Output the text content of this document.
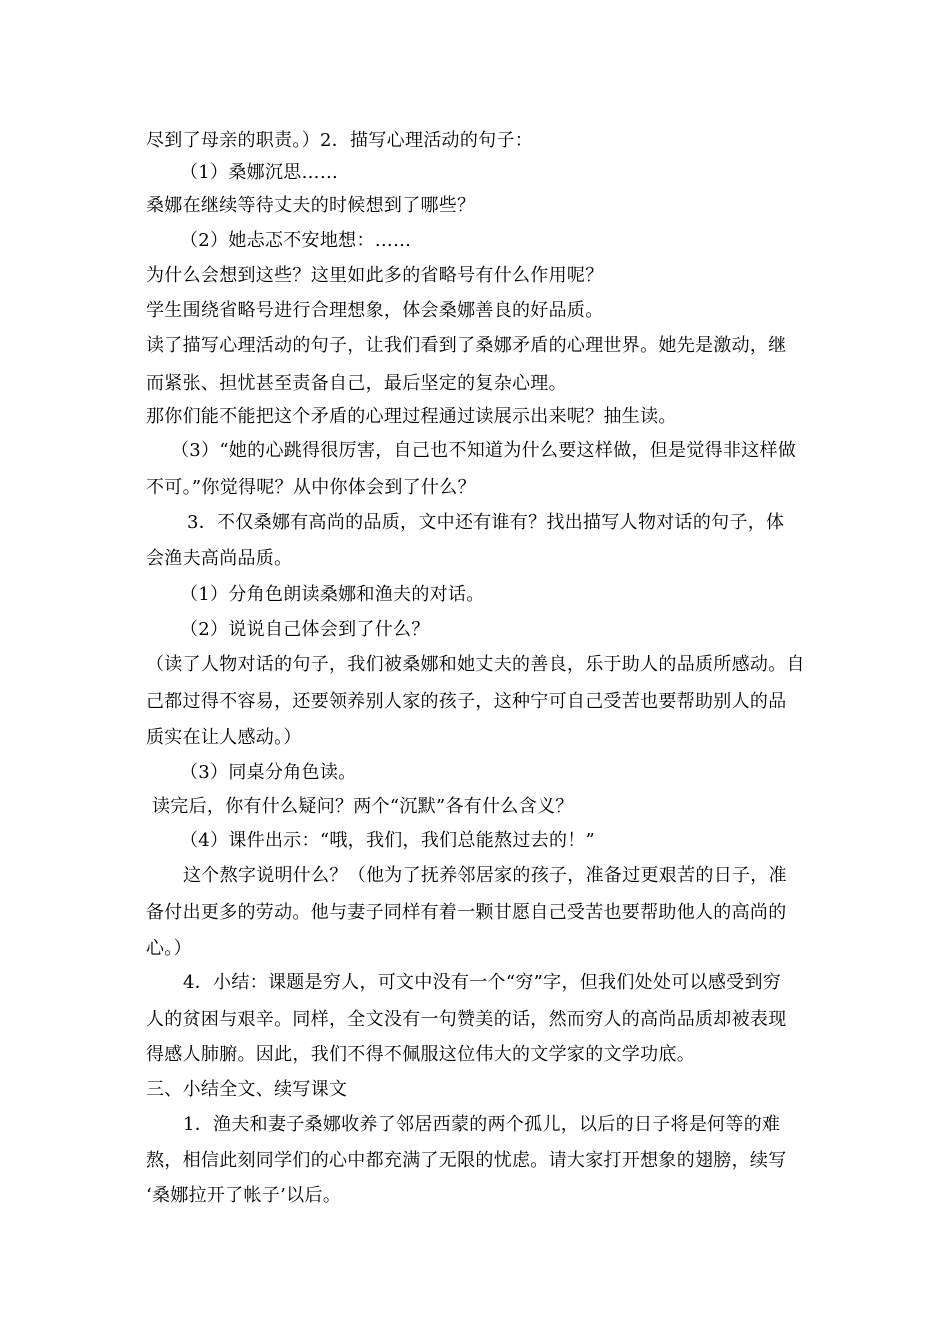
尽到了母亲的职责。）2．描写心理活动的句子：
（1）桑娜沉思……
桑娜在继续等待丈夫的时候想到了哪些？
（2）她忐忑不安地想：……
为什么会想到这些？这里如此多的省略号有什么作用呢？
学生围绕省略号进行合理想象，体会桑娜善良的好品质。
读了描写心理活动的句子，让我们看到了桑娜矛盾的心理世界。她先是激动，继
而紧张、担忧甚至责备自己，最后坚定的复杂心理。
那你们能不能把这个矛盾的心理过程通过读展示出来呢？抽生读。
（3）“她的心跳得很厉害，自己也不知道为什么要这样做，但是觉得非这样做
不可。”你觉得呢？从中你体会到了什么？
3．不仅桑娜有高尚的品质，文中还有谁有？找出描写人物对话的句子，体
会渔夫高尚品质。
（1）分角色朗读桑娜和渔夫的对话。
（2）说说自己体会到了什么？
（读了人物对话的句子，我们被桑娜和她丈夫的善良，乐于助人的品质所感动。自
己都过得不容易，还要领养别人家的孩子，这种宁可自己受苦也要帮助别人的品
质实在让人感动。）
（3）同桌分角色读。
读完后，你有什么疑问？两个“沉默”各有什么含义？
（4）课件出示：“哦，我们，我们总能熬过去的！”
这个熬字说明什么？（他为了抚养邻居家的孩子，准备过更艰苦的日子，准
备付出更多的劳动。他与妻子同样有着一颗甘愿自己受苦也要帮助他人的高尚的
心。）
4．小结：课题是穷人，可文中没有一个“穷”字，但我们处处可以感受到穷
人的贫困与艰辛。同样，全文没有一句赞美的话，然而穷人的高尚品质却被表现
得感人肺腑。因此，我们不得不佩服这位伟大的文学家的文学功底。
三、小结全文、续写课文
1．渔夫和妻子桑娜收养了邻居西蒙的两个孤儿，以后的日子将是何等的难
熬，相信此刻同学们的心中都充满了无限的忧虑。请大家打开想象的翅膀，续写
‘桑娜拉开了帐子’以后。
